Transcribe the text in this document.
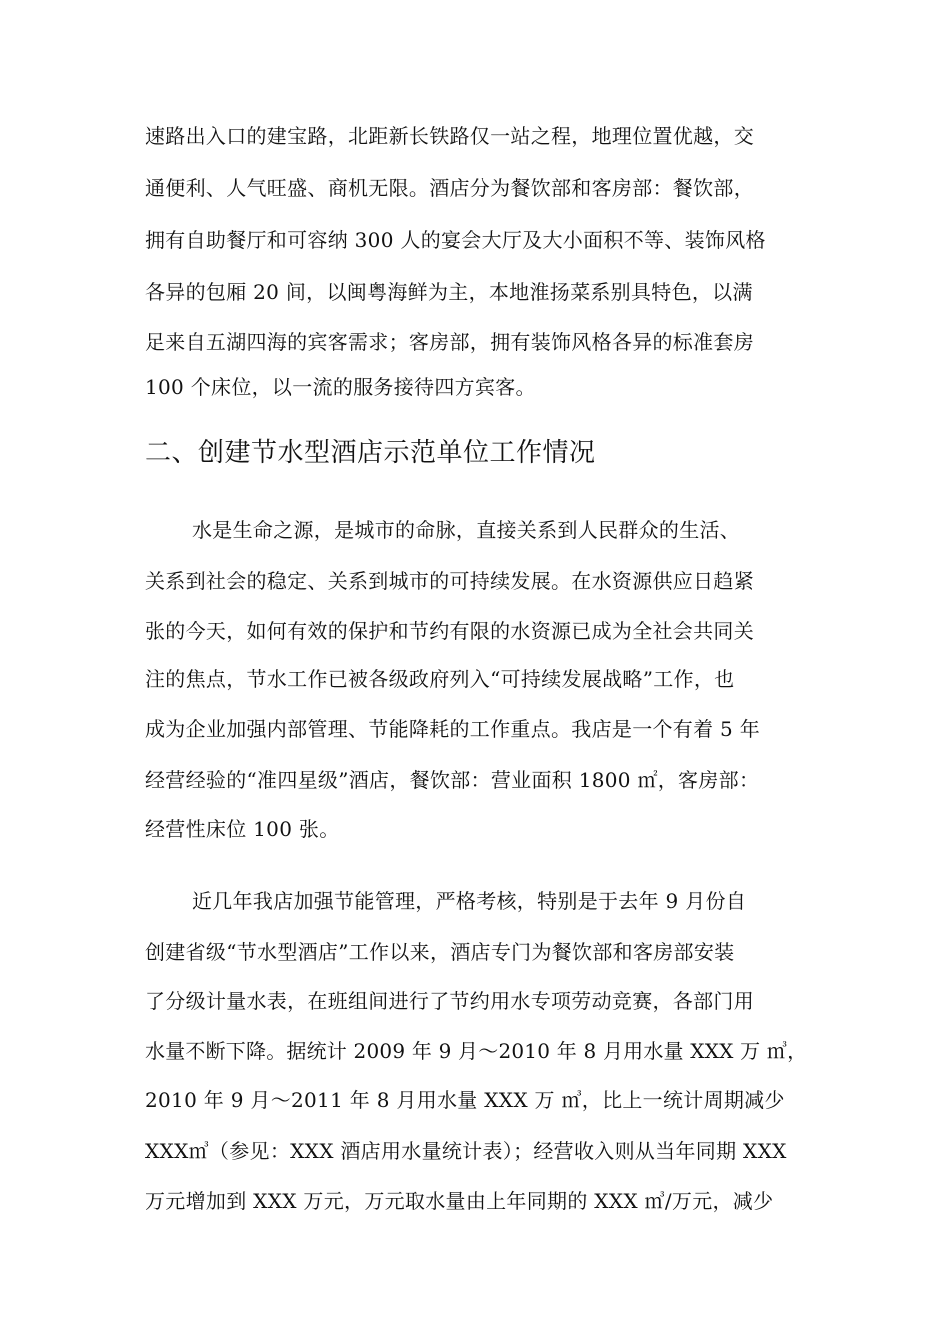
速路出入口的建宝路，北距新长铁路仅一站之程，地理位置优越，交
通便利、人气旺盛、商机无限。酒店分为餐饮部和客房部：餐饮部，
拥有自助餐厅和可容纳 300 人的宴会大厅及大小面积不等、装饰风格
各异的包厢 20 间，以闽粤海鲜为主，本地淮扬菜系别具特色，以满
足来自五湖四海的宾客需求；客房部，拥有装饰风格各异的标准套房
100 个床位，以一流的服务接待四方宾客。
二、创建节水型酒店示范单位工作情况
水是生命之源，是城市的命脉，直接关系到人民群众的生活、
关系到社会的稳定、关系到城市的可持续发展。在水资源供应日趋紧
张的今天，如何有效的保护和节约有限的水资源已成为全社会共同关
注的焦点，节水工作已被各级政府列入“可持续发展战略”工作，也
成为企业加强内部管理、节能降耗的工作重点。我店是一个有着 5 年
经营经验的“准四星级”酒店，餐饮部：营业面积 1800 ㎡，客房部：
经营性床位 100 张。
近几年我店加强节能管理，严格考核，特别是于去年 9 月份自
创建省级“节水型酒店”工作以来，酒店专门为餐饮部和客房部安装
了分级计量水表，在班组间进行了节约用水专项劳动竞赛，各部门用
水量不断下降。据统计 2009 年 9 月～2010 年 8 月用水量 XXX 万 ㎥，
2010 年 9 月～2011 年 8 月用水量 XXX 万 ㎥，比上一统计周期减少
XXX㎥（参见：XXX 酒店用水量统计表）；经营收入则从当年同期 XXX
万元增加到 XXX 万元，万元取水量由上年同期的 XXX ㎥/万元，减少
